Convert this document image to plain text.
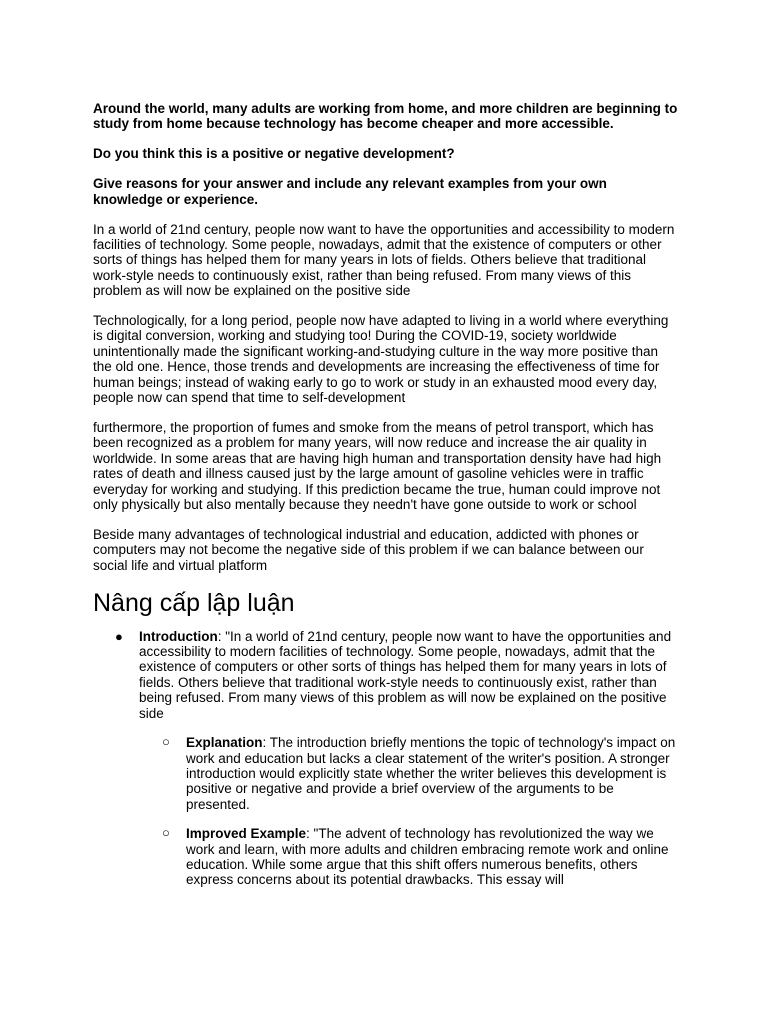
Around the world, many adults are working from home, and more children are beginning to study from home because technology has become cheaper and more accessible.

Do you think this is a positive or negative development?

Give reasons for your answer and include any relevant examples from your own knowledge or experience.

In a world of 21nd century, people now want to have the opportunities and accessibility to modern facilities of technology. Some people, nowadays, admit that the existence of computers or other sorts of things has helped them for many years in lots of fields. Others believe that traditional work-style needs to continuously exist, rather than being refused. From many views of this problem as will now be explained on the positive side

Technologically, for a long period, people now have adapted to living in a world where everything is digital conversion, working and studying too! During the COVID-19, society worldwide unintentionally made the significant working-and-studying culture in the way more positive than the old one. Hence, those trends and developments are increasing the effectiveness of time for human beings; instead of waking early to go to work or study in an exhausted mood every day, people now can spend that time to self-development

furthermore, the proportion of fumes and smoke from the means of petrol transport, which has been recognized as a problem for many years, will now reduce and increase the air quality in worldwide. In some areas that are having high human and transportation density have had high rates of death and illness caused just by the large amount of gasoline vehicles were in traffic everyday for working and studying. If this prediction became the true, human could improve not only physically but also mentally because they needn't have gone outside to work or school

Beside many advantages of technological industrial and education, addicted with phones or computers may not become the negative side of this problem if we can balance between our social life and virtual platform

Nâng cấp lập luận
● Introduction: "In a world of 21nd century, people now want to have the opportunities and accessibility to modern facilities of technology. Some people, nowadays, admit that the existence of computers or other sorts of things has helped them for many years in lots of fields. Others believe that traditional work-style needs to continuously exist, rather than being refused. From many views of this problem as will now be explained on the positive side
○ Explanation: The introduction briefly mentions the topic of technology's impact on work and education but lacks a clear statement of the writer's position. A stronger introduction would explicitly state whether the writer believes this development is positive or negative and provide a brief overview of the arguments to be presented.
○ Improved Example: "The advent of technology has revolutionized the way we work and learn, with more adults and children embracing remote work and online education. While some argue that this shift offers numerous benefits, others express concerns about its potential drawbacks. This essay will
